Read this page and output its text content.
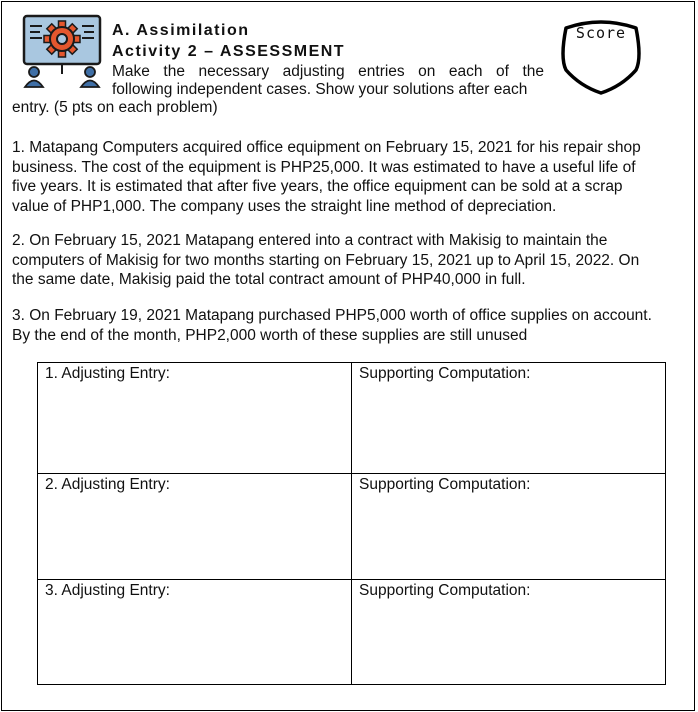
A. Assimilation
Activity 2 – ASSESSMENT
Score
Make the necessary adjusting entries on each of the
following independent cases. Show your solutions after each
entry. (5 pts on each problem)
1. Matapang Computers acquired office equipment on February 15, 2021 for his repair shop
business. The cost of the equipment is PHP25,000. It was estimated to have a useful life of
five years. It is estimated that after five years, the office equipment can be sold at a scrap
value of PHP1,000. The company uses the straight line method of depreciation.
2. On February 15, 2021 Matapang entered into a contract with Makisig to maintain the
computers of Makisig for two months starting on February 15, 2021 up to April 15, 2022. On
the same date, Makisig paid the total contract amount of PHP40,000 in full.
3. On February 19, 2021 Matapang purchased PHP5,000 worth of office supplies on account.
By the end of the month, PHP2,000 worth of these supplies are still unused
1. Adjusting Entry:	Supporting Computation:
2. Adjusting Entry:	Supporting Computation:
3. Adjusting Entry:	Supporting Computation:
